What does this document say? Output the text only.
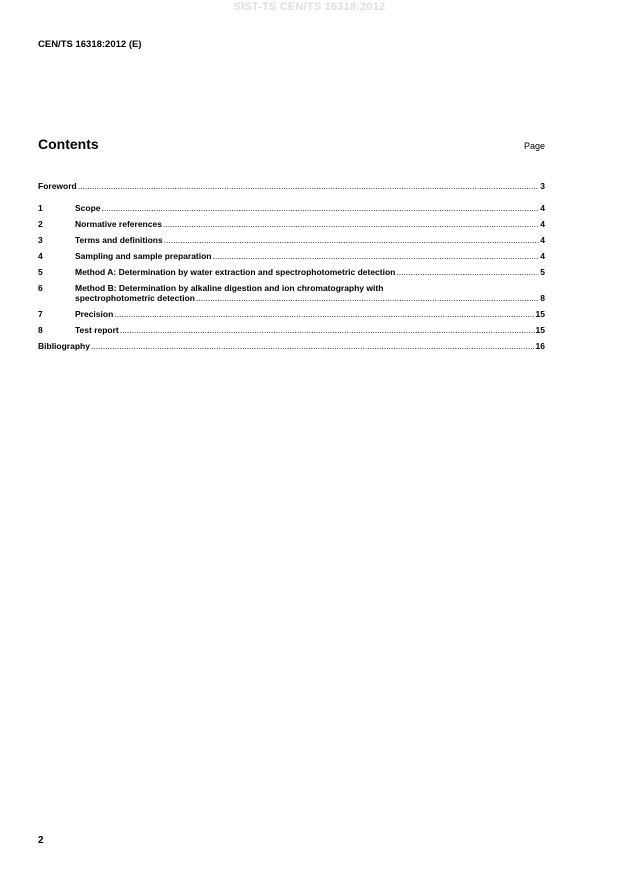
SIST-TS CEN/TS 16318:2012
CEN/TS 16318:2012 (E)
Contents	Page
Foreword .....	3
1	Scope .....	4
2	Normative references .....	4
3	Terms and definitions .....	4
4	Sampling and sample preparation .....	4
5	Method A: Determination by water extraction and spectrophotometric detection .....	5
6	Method B: Determination by alkaline digestion and ion chromatography with
spectrophotometric detection .....	8
7	Precision .....	15
8	Test report .....	15
Bibliography .....	16
2
